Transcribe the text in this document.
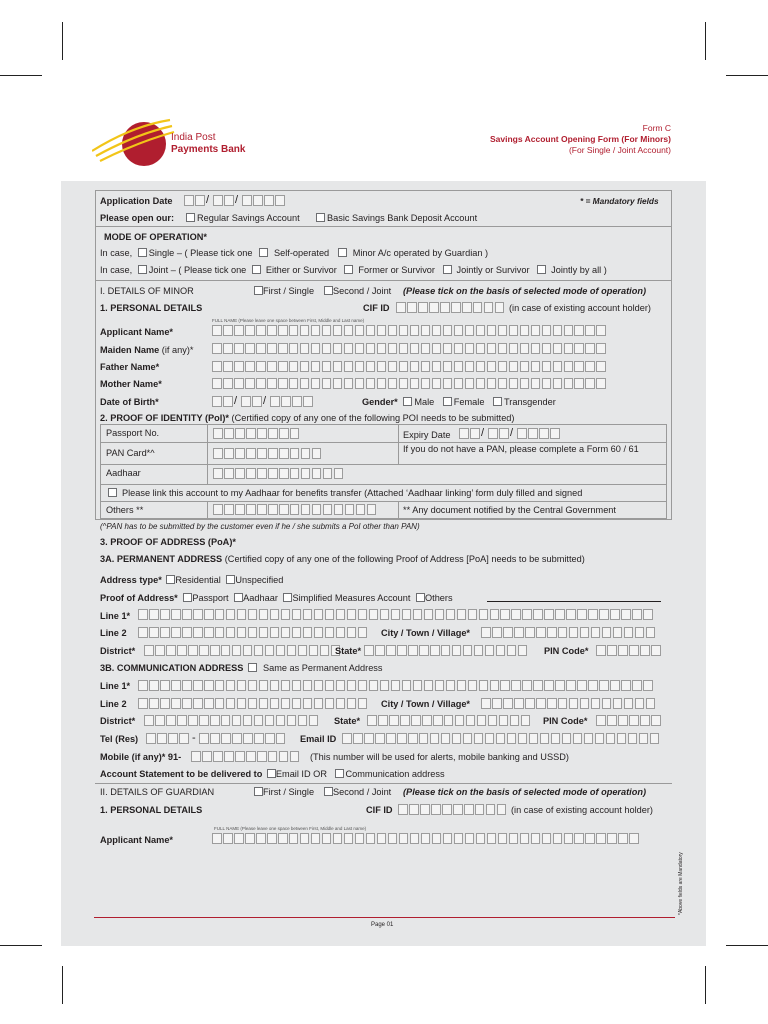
India Post
Payments Bank
Form C
Savings Account Opening Form (For Minors)
(For Single / Joint Account)
Application Date	/ /	* = Mandatory fields
Please open our:	Regular Savings Account	Basic Savings Bank Deposit Account
MODE OF OPERATION*
In case, Single – ( Please tick one Self-operated	Minor A/c operated by Guardian )
In case, Joint – ( Please tick one Either or Survivor Former or Survivor Jointly or Survivor Jointly by all )
I. DETAILS OF MINOR	First / Single	Second / Joint (Please tick on the basis of selected mode of operation)
1. PERSONAL DETAILS	CIF ID	(in case of existing account holder)
FULL NAME (Please leave one space between First, Middle and Last name)
Applicant Name*
Maiden Name (if any)*
Father Name*
Mother Name*
Date of Birth*	/ /	Gender* Male Female Transgender
2. PROOF OF IDENTITY (PoI)* (Certified copy of any one of the following POI needs to be submitted)
Passport No.	Expiry Date	/ /
PAN Card*^	If you do not have a PAN, please complete a Form 60 / 61
Aadhaar
Please link this account to my Aadhaar for benefits transfer (Attached ‘Aadhaar linking’ form duly filled and signed
Others **	** Any document notified by the Central Government
(^PAN has to be submitted by the customer even if he / she submits a PoI other than PAN)
3. PROOF OF ADDRESS (PoA)*
3A. PERMANENT ADDRESS (Certified copy of any one of the following Proof of Address [PoA] needs to be submitted)
Address type* Residential Unspecified
Proof of Address* Passport Aadhaar Simplified Measures Account Others
Line 1*
Line 2	City / Town / Village*
District*	State*	PIN Code*
3B. COMMUNICATION ADDRESS Same as Permanent Address
Line 1*
Line 2	City / Town / Village*
District*	State*	PIN Code*
Tel (Res)	-	Email ID
Mobile (if any)* 91-	(This number will be used for alerts, mobile banking and USSD)
Account Statement to be delivered to Email ID OR Communication address
II. DETAILS OF GUARDIAN	First / Single	Second / Joint (Please tick on the basis of selected mode of operation)
1. PERSONAL DETAILS	CIF ID	(in case of existing account holder)
FULL NAME (Please leave one space between First, Middle and Last name)
Applicant Name*
Page 01
*Above fields are Mandatory
